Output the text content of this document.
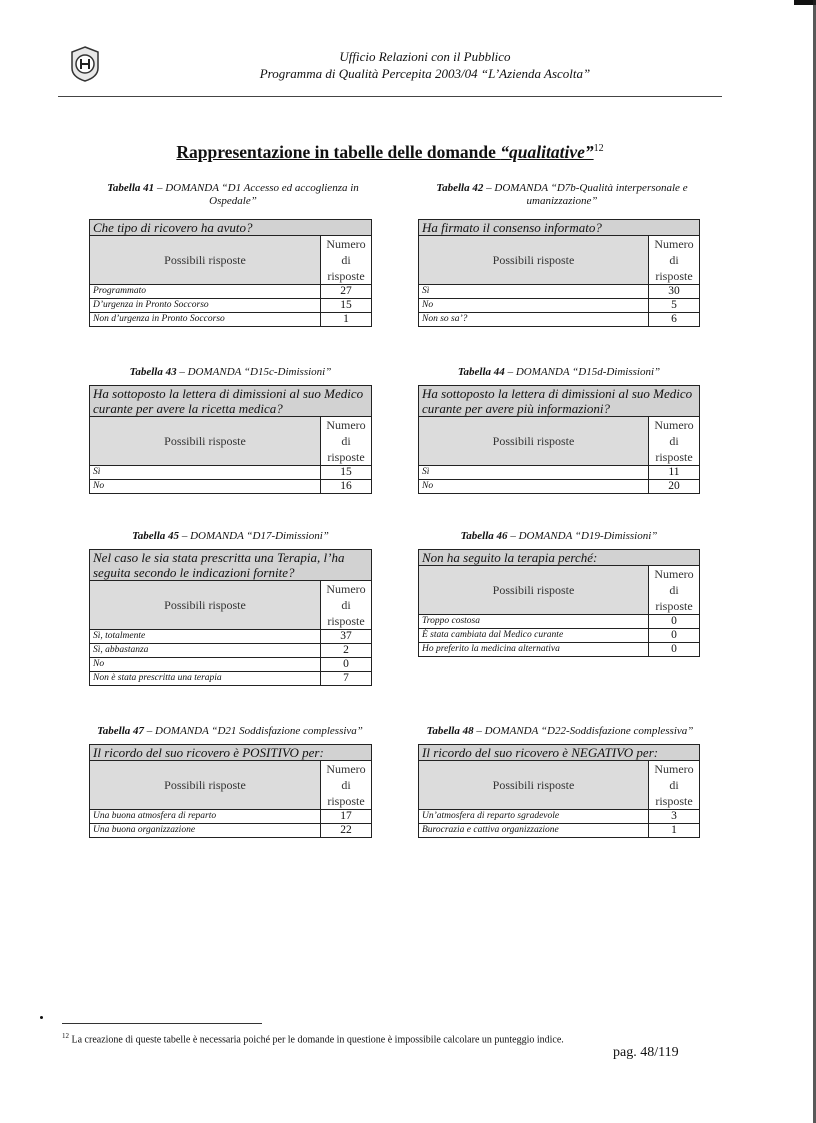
Ufficio Relazioni con il Pubblico
Programma di Qualità Percepita 2003/04 “L’Azienda Ascolta”
Rappresentazione in tabelle delle domande “qualitative”$^{12}$
Tabella 41 – DOMANDA “D1 Accesso ed accoglienza in Ospedale”
Che tipo di ricovero ha avuto?	
Possibili risposte	Numero di risposte
Programmato	27
D’urgenza in Pronto Soccorso	15
Non d’urgenza in Pronto Soccorso	1
Tabella 42 – DOMANDA “D7b-Qualità interpersonale e umanizzazione”
Ha firmato il consenso informato?	
Possibili risposte	Numero di risposte
Sì	30
No	5
Non so sa’?	6
Tabella 43 – DOMANDA “D15c-Dimissioni”
Ha sottoposto la lettera di dimissioni al suo Medico curante per avere la ricetta medica?	
Possibili risposte	Numero di risposte
Sì	15
No	16
Tabella 44 – DOMANDA “D15d-Dimissioni”
Ha sottoposto la lettera di dimissioni al suo Medico curante per avere più informazioni?	
Possibili risposte	Numero di risposte
Sì	11
No	20
Tabella 45 – DOMANDA “D17-Dimissioni”
Nel caso le sia stata prescritta una Terapia, l’ha seguita secondo le indicazioni fornite?	
Possibili risposte	Numero di risposte
Sì, totalmente	37
Sì, abbastanza	2
No	0
Non è stata prescritta una terapia	7
Tabella 46 – DOMANDA “D19-Dimissioni”
Non ha seguito la terapia perché:	
Possibili risposte	Numero di risposte
Troppo costosa	0
È stata cambiata dal Medico curante	0
Ho preferito la medicina alternativa	0
Tabella 47 – DOMANDA “D21 Soddisfazione complessiva”
Il ricordo del suo ricovero è POSITIVO per:	
Possibili risposte	Numero di risposte
Una buona atmosfera di reparto	17
Una buona organizzazione	22
Tabella 48 – DOMANDA “D22-Soddisfazione complessiva”
Il ricordo del suo ricovero è NEGATIVO per:	
Possibili risposte	Numero di risposte
Un’atmosfera di reparto sgradevole	3
Burocrazia e cattiva organizzazione	1
$^{12}$ La creazione di queste tabelle è necessaria poiché per le domande in questione è impossibile calcolare un punteggio indice.
pag. 48/119
